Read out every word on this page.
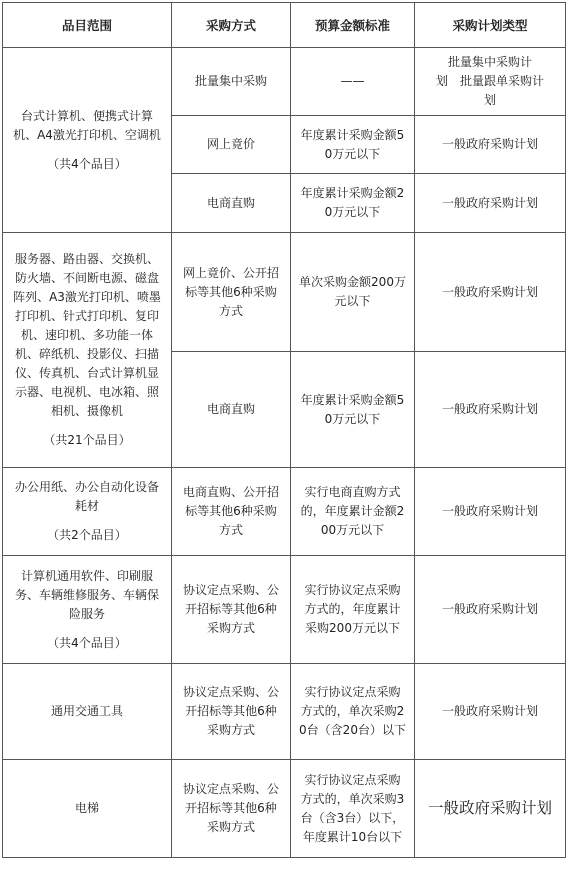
品目范围	采购方式	预算金额标准	采购计划类型
台式计算机、便携式计算机、A4激光打印机、空调机
（共4个品目）	批量集中采购	——	批量集中采购计
划　批量跟单采购计
划
	网上竟价	年度累计采购金额50万元以下	一般政府采购计划
	电商直购	年度累计采购金额20万元以下	一般政府采购计划
服务器、路由器、交换机、防火墙、不间断电源、磁盘阵列、A3激光打印机、喷墨打印机、针式打印机、复印机、速印机、多功能一体机、碎纸机、投影仪、扫描仪、传真机、台式计算机显示器、电视机、电冰箱、照相机、摄像机
（共21个品目）	网上竟价、公开招标等其他6种采购方式	单次采购金额200万元以下	一般政府采购计划
	电商直购	年度累计采购金额50万元以下	一般政府采购计划
办公用纸、办公自动化设备耗材
（共2个品目）	电商直购、公开招标等其他6种采购方式	实行电商直购方式的，年度累计金额200万元以下	一般政府采购计划
计算机通用软件、印刷服务、车辆维修服务、车辆保险服务
（共4个品目）	协议定点采购、公开招标等其他6种采购方式	实行协议定点采购方式的，年度累计采购200万元以下	一般政府采购计划
通用交通工具	协议定点采购、公开招标等其他6种采购方式	实行协议定点采购方式的，单次采购20台（含20台）以下	一般政府采购计划
电梯	协议定点采购、公开招标等其他6种采购方式	实行协议定点采购方式的，单次采购3台（含3台）以下，年度累计10台以下	一般政府采购计划
